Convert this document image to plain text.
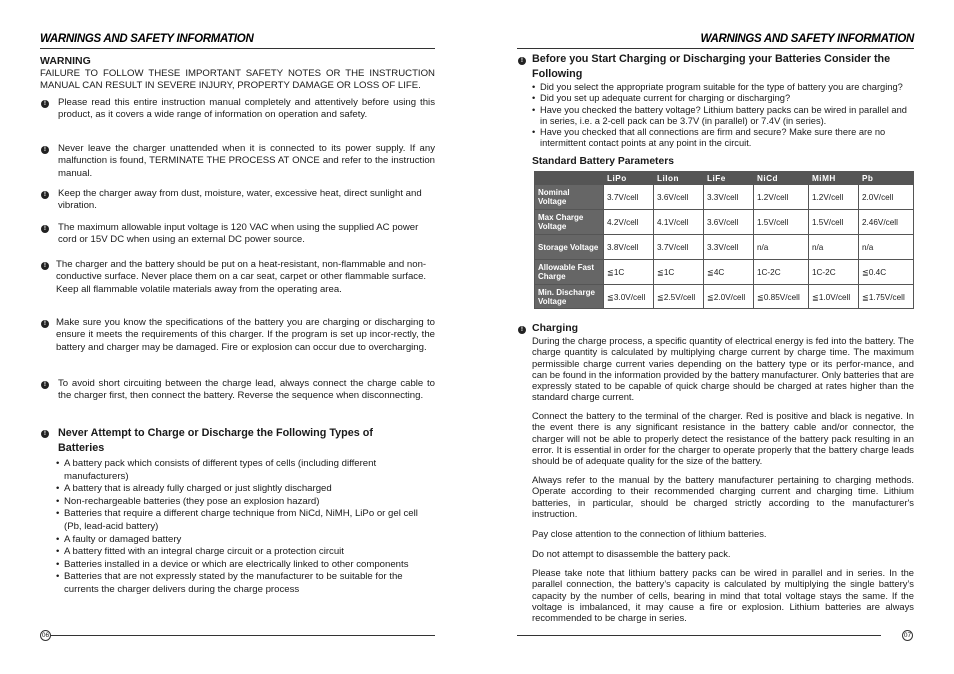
WARNINGS AND SAFETY INFORMATION
WARNING
FAILURE TO FOLLOW THESE IMPORTANT SAFETY NOTES OR THE INSTRUCTION MANUAL CAN RESULT IN SEVERE INJURY, PROPERTY DAMAGE OR LOSS OF LIFE.
!	Please read this entire instruction manual completely and attentively before using this product, as it covers a wide range of information on operation and safety.
!	Never leave the charger unattended when it is connected to its power supply. If any malfunction is found, TERMINATE THE PROCESS AT ONCE and refer to the instruction manual.
!	Keep the charger away from dust, moisture, water, excessive heat, direct sunlight and vibration.
!	The maximum allowable input voltage is 120 VAC when using the supplied AC power cord or 15V DC when using an external DC power source.
!	The charger and the battery should be put on a heat-resistant, non-flammable and non-conductive surface. Never place them on a car seat, carpet or other flammable surface. Keep all flammable volatile materials away from the operating area.
!	Make sure you know the specifications of the battery you are charging or discharging to ensure it meets the requirements of this charger. If the program is set up incor-rectly, the battery and charger may be damaged. Fire or explosion can occur due to overcharging.
!	To avoid short circuiting between the charge lead, always connect the charge cable to the charger first, then connect the battery. Reverse the sequence when disconnecting.
! Never Attempt to Charge or Discharge the Following Types of Batteries
• A battery pack which consists of different types of cells (including different manufacturers)
• A battery that is already fully charged or just slightly discharged
• Non-rechargeable batteries (they pose an explosion hazard)
• Batteries that require a different charge technique from NiCd, NiMH, LiPo or gel cell (Pb, lead-acid battery)
• A faulty or damaged battery
• A battery fitted with an integral charge circuit or a protection circuit
• Batteries installed in a device or which are electrically linked to other components
• Batteries that are not expressly stated by the manufacturer to be suitable for the currents the charger delivers during the charge process
06
WARNINGS AND SAFETY INFORMATION
! Before you Start Charging or Discharging your Batteries Consider the Following
• Did you select the appropriate program suitable for the type of battery you are charging?
• Did you set up adequate current for charging or discharging?
• Have you checked the battery voltage? Lithium battery packs can be wired in parallel and in series, i.e. a 2-cell pack can be 3.7V (in parallel) or 7.4V (in series).
• Have you checked that all connections are firm and secure? Make sure there are no intermittent contact points at any point in the circuit.
Standard Battery Parameters
	LiPo	LiIon	LiFe	NiCd	MiMH	Pb
Nominal Voltage	3.7V/cell	3.6V/cell	3.3V/cell	1.2V/cell	1.2V/cell	2.0V/cell
Max Charge Voltage	4.2V/cell	4.1V/cell	3.6V/cell	1.5V/cell	1.5V/cell	2.46V/cell
Storage Voltage	3.8V/cell	3.7V/cell	3.3V/cell	n/a	n/a	n/a
Allowable Fast Charge	≦1C	≦1C	≦4C	1C-2C	1C-2C	≦0.4C
Min. Discharge Voltage	≦3.0V/cell	≦2.5V/cell	≦2.0V/cell	≦0.85V/cell	≦1.0V/cell	≦1.75V/cell
! Charging
During the charge process, a specific quantity of electrical energy is fed into the battery. The charge quantity is calculated by multiplying charge current by charge time. The maximum permissible charge current varies depending on the battery type or its perfor-mance, and can be found in the information provided by the battery manufacturer. Only batteries that are expressly stated to be capable of quick charge should be charged at rates higher than the standard charge current.
Connect the battery to the terminal of the charger. Red is positive and black is negative. In the event there is any significant resistance in the battery cable and/or connector, the charger will not be able to properly detect the resistance of the battery pack resulting in an error. It is essential in order for the charger to operate properly that the battery charge leads should be of adequate quality for the size of the battery.
Always refer to the manual by the battery manufacturer pertaining to charging methods. Operate according to their recommended charging current and charging time. Lithium batteries, in particular, should be charged strictly according to the manufacturer's instruction.
Pay close attention to the connection of lithium batteries.
Do not attempt to disassemble the battery pack.
Please take note that lithium battery packs can be wired in parallel and in series. In the parallel connection, the battery’s capacity is calculated by multiplying the single battery’s capacity by the number of cells, bearing in mind that total voltage stays the same. If the voltage is imbalanced, it may cause a fire or explosion. Lithium batteries are always recommended to be charge in series.
07
